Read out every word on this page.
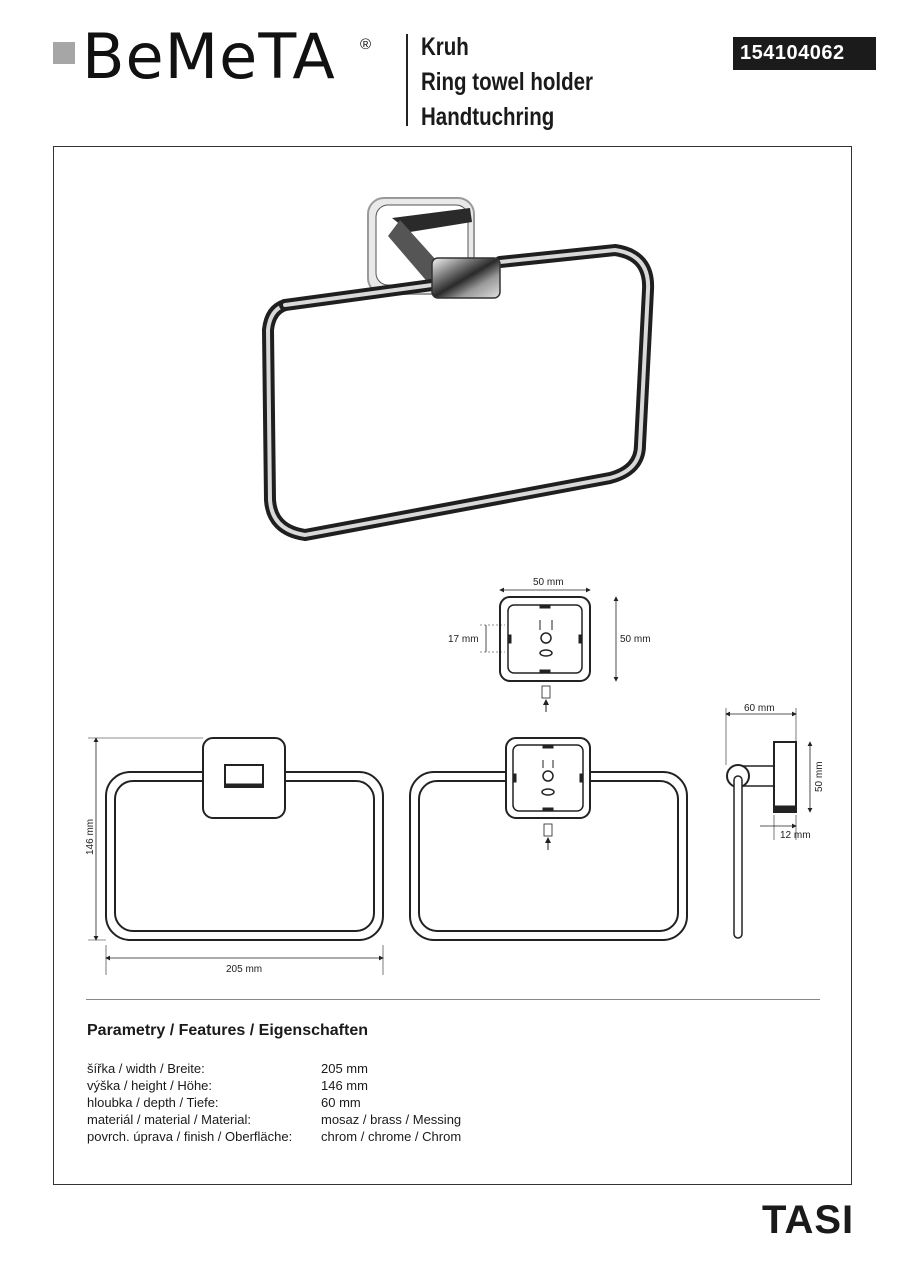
BeMeTA ® Kruh
Ring towel holder
Handtuchring
154104062
50 mm
50 mm
17 mm
146 mm
205 mm
60 mm
50 mm
12 mm
Parametry / Features / Eigenschaften
šířka / width / Breite:	205 mm
výška / height / Höhe:	146 mm
hloubka / depth / Tiefe:	60 mm
materiál / material / Material:	mosaz / brass / Messing
povrch. úprava / finish / Oberfläche: chrom / chrome / Chrom
TASI
